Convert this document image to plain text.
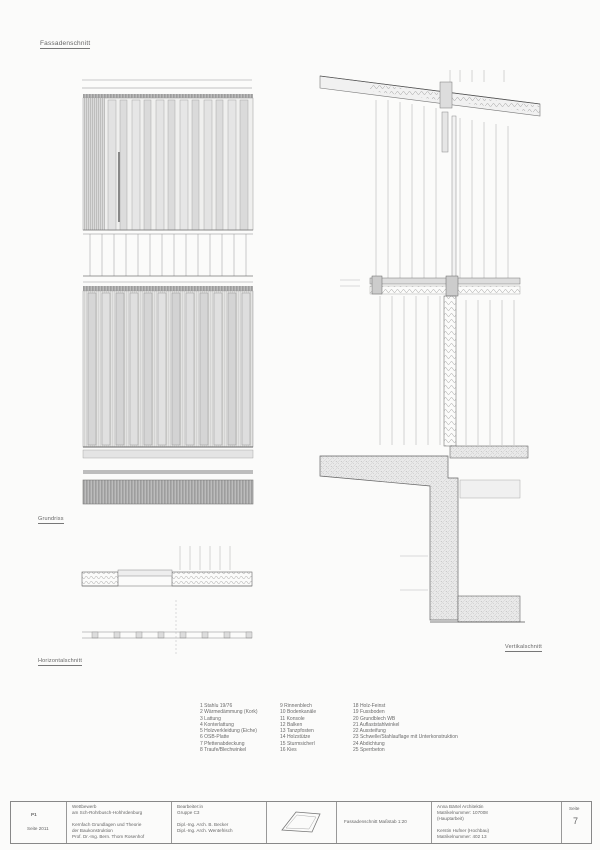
Fassadenschnitt
Grundriss
Horizontalschnitt
Vertikalschnitt
1 Stahlu 19/76
2 Wärmedämmung (Kork)
3 Lattung
4 Konterlattung
5 Holzverkleidung (Eiche)
6 OSB-Platte
7 Pfettenabdeckung
8 Traufe/Blechwinkel
9 Rinnenblech
10 Bodenkanäle
11 Konsole
12 Balken
13 Tanzpfosten
14 Holzstütze
15 Sturmsicherl
16 Kies
18 Holz-Feinst
19 Fussboden
20 Grundblech WB
21 Auflaststahlwinkel
22 Aussteifung
23 Schwelle/Stahlauflage mit Unterkonstruktion
24 Abdichtung
25 Sperrbeton
P1
Seite 2011
Wettbewerb
am Sch-Rohrbusch-Hohhrdenburg
Kernfach Grundlagen und Theorie
der Baukonstruktion
Prof. Dr.-Ing. Bern. Thom Rosenhof
Bearbeiter:in
Gruppe C3
Dipl.-Ing. Arch. B. Becker
Dipl.-Ing. Arch. Wentefrisch
Fassadenschnitt Maßstab 1:20
Anna Bärtel Architektin
Matrikelnummer: 107008
(Hauptarbeit)
Kerstin Hufner (Hochbau)
Matrikelnummer: 402 13
Seite
7
